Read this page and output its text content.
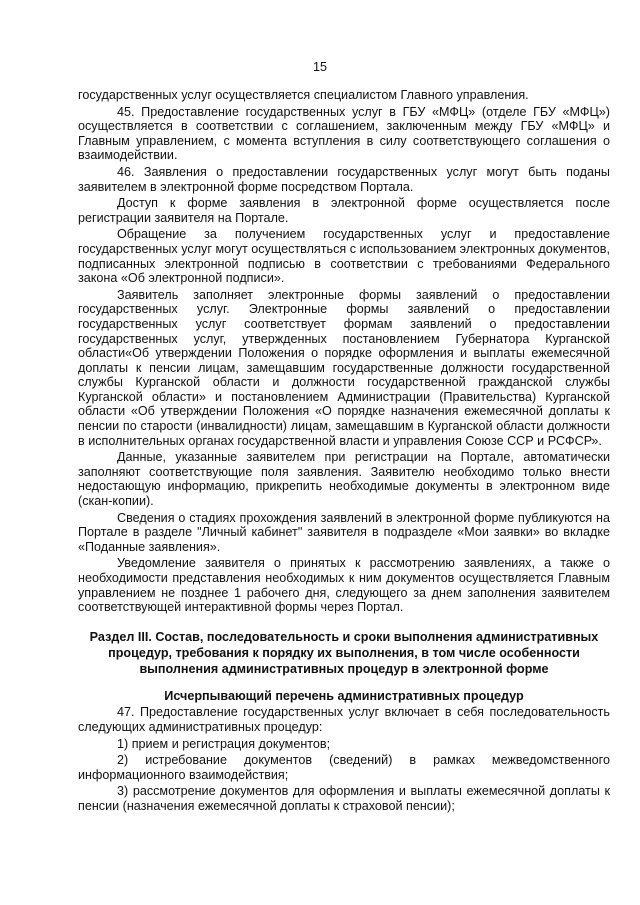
15

государственных услуг осуществляется специалистом Главного управления.

45. Предоставление государственных услуг в ГБУ «МФЦ» (отделе ГБУ «МФЦ») осуществляется в соответствии с соглашением, заключенным между ГБУ «МФЦ» и Главным управлением, с момента вступления в силу соответствующего соглашения о взаимодействии.

46. Заявления о предоставлении государственных услуг могут быть поданы заявителем в электронной форме посредством Портала.

Доступ к форме заявления в электронной форме осуществляется после регистрации заявителя на Портале.

Обращение за получением государственных услуг и предоставление государственных услуг могут осуществляться с использованием электронных документов, подписанных электронной подписью в соответствии с требованиями Федерального закона «Об электронной подписи».

Заявитель заполняет электронные формы заявлений о предоставлении государственных услуг. Электронные формы заявлений о предоставлении государственных услуг соответствует формам заявлений о предоставлении государственных услуг, утвержденных постановлением Губернатора Курганской области«Об утверждении Положения о порядке оформления и выплаты ежемесячной доплаты к пенсии лицам, замещавшим государственные должности государственной службы Курганской области и должности государственной гражданской службы Курганской области» и постановлением Администрации (Правительства) Курганской области «Об утверждении Положения «О порядке назначения ежемесячной доплаты к пенсии по старости (инвалидности) лицам, замещавшим в Курганской области должности в исполнительных органах государственной власти и управления Союзе ССР и РСФСР».

Данные, указанные заявителем при регистрации на Портале, автоматически заполняют соответствующие поля заявления. Заявителю необходимо только внести недостающую информацию, прикрепить необходимые документы в электронном виде (скан-копии).

Сведения о стадиях прохождения заявлений в электронной форме публикуются на Портале в разделе "Личный кабинет" заявителя в подразделе «Мои заявки» во вкладке «Поданные заявления».

Уведомление заявителя о принятых к рассмотрению заявлениях, а также о необходимости представления необходимых к ним документов осуществляется Главным управлением не позднее 1 рабочего дня, следующего за днем заполнения заявителем соответствующей интерактивной формы через Портал.

Раздел III. Состав, последовательность и сроки выполнения административных процедур, требования к порядку их выполнения, в том числе особенности выполнения административных процедур в электронной форме
Исчерпывающий перечень административных процедур

47. Предоставление государственных услуг включает в себя последовательность следующих административных процедур:

1) прием и регистрация документов;

2) истребование документов (сведений) в рамках межведомственного информационного взаимодействия;

3) рассмотрение документов для оформления и выплаты ежемесячной доплаты к пенсии (назначения ежемесячной доплаты к страховой пенсии);
